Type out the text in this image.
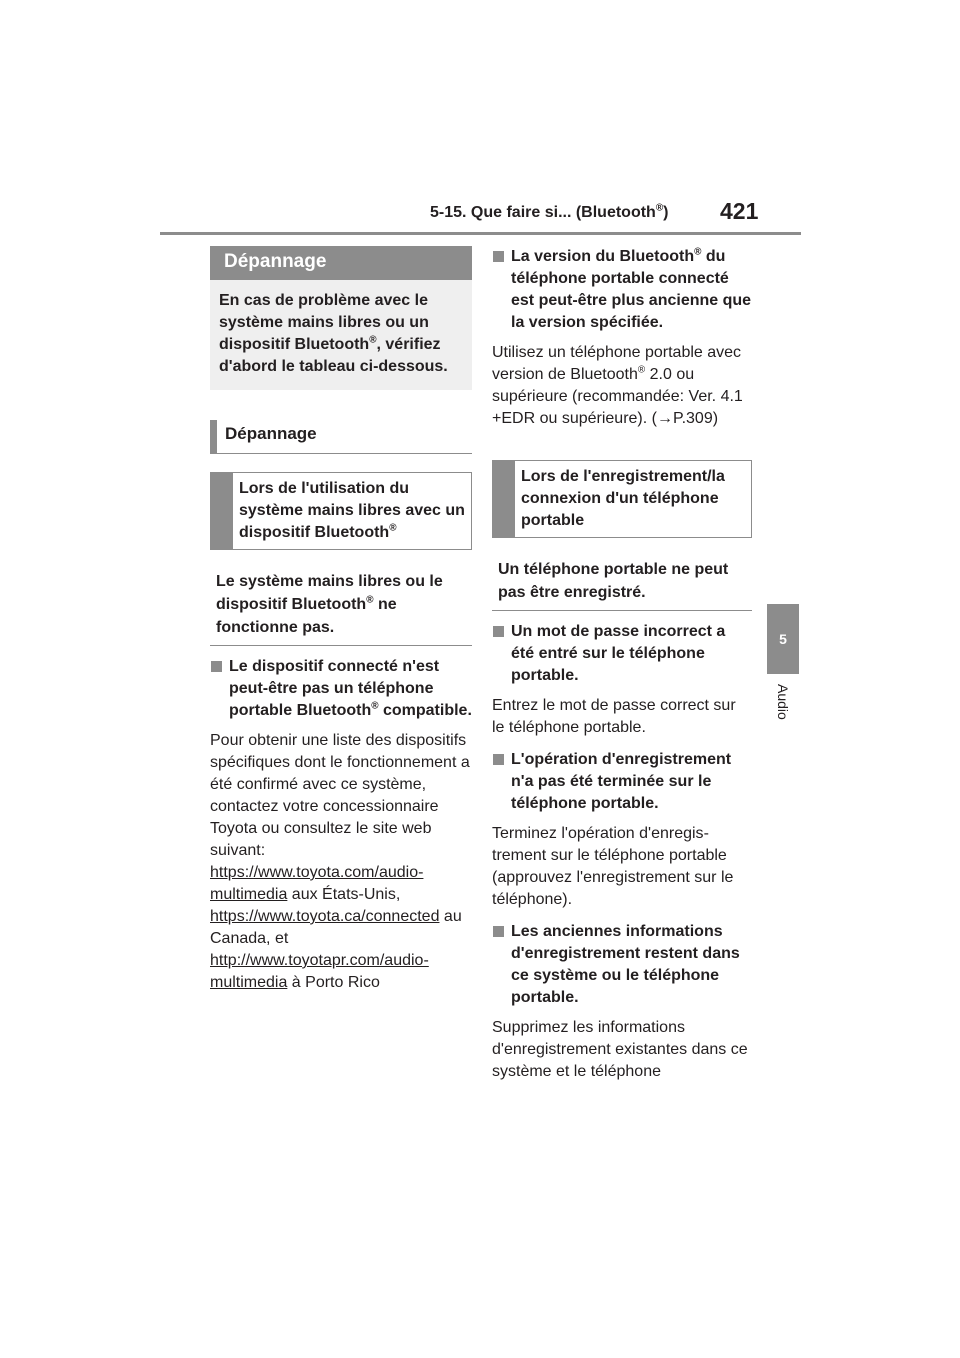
5-15. Que faire si... (Bluetooth®) 421
5
Audio
Dépannage
En cas de problème avec le système mains libres ou un dispositif Bluetooth®, vérifiez d'abord le tableau ci-dessous.
Dépannage
Lors de l'utilisation du système mains libres avec un dispositif Bluetooth®
Le système mains libres ou le dispositif Bluetooth® ne fonctionne pas.
Le dispositif connecté n'est peut-être pas un téléphone portable Bluetooth® compatible.
Pour obtenir une liste des dispositifs spécifiques dont le fonctionnement a été confirmé avec ce système, contactez votre concessionnaire Toyota ou consultez le site web suivant:
https://www.toyota.com/audio-multimedia aux États-Unis,
https://www.toyota.ca/connected au Canada, et
http://www.toyotapr.com/audio-multimedia à Porto Rico
La version du Bluetooth® du téléphone portable connecté est peut-être plus ancienne que la version spécifiée.
Utilisez un téléphone portable avec version de Bluetooth® 2.0 ou supérieure (recommandée: Ver. 4.1 +EDR ou supérieure). (→P.309)
Lors de l'enregistrement/la connexion d'un téléphone portable
Un téléphone portable ne peut pas être enregistré.
Un mot de passe incorrect a été entré sur le téléphone portable.
Entrez le mot de passe correct sur le téléphone portable.
L'opération d'enregistrement n'a pas été terminée sur le téléphone portable.
Terminez l'opération d'enregistrement sur le téléphone portable (approuvez l'enregistrement sur le téléphone).
Les anciennes informations d'enregistrement restent dans ce système ou le téléphone portable.
Supprimez les informations d'enregistrement existantes dans ce système et le téléphone
